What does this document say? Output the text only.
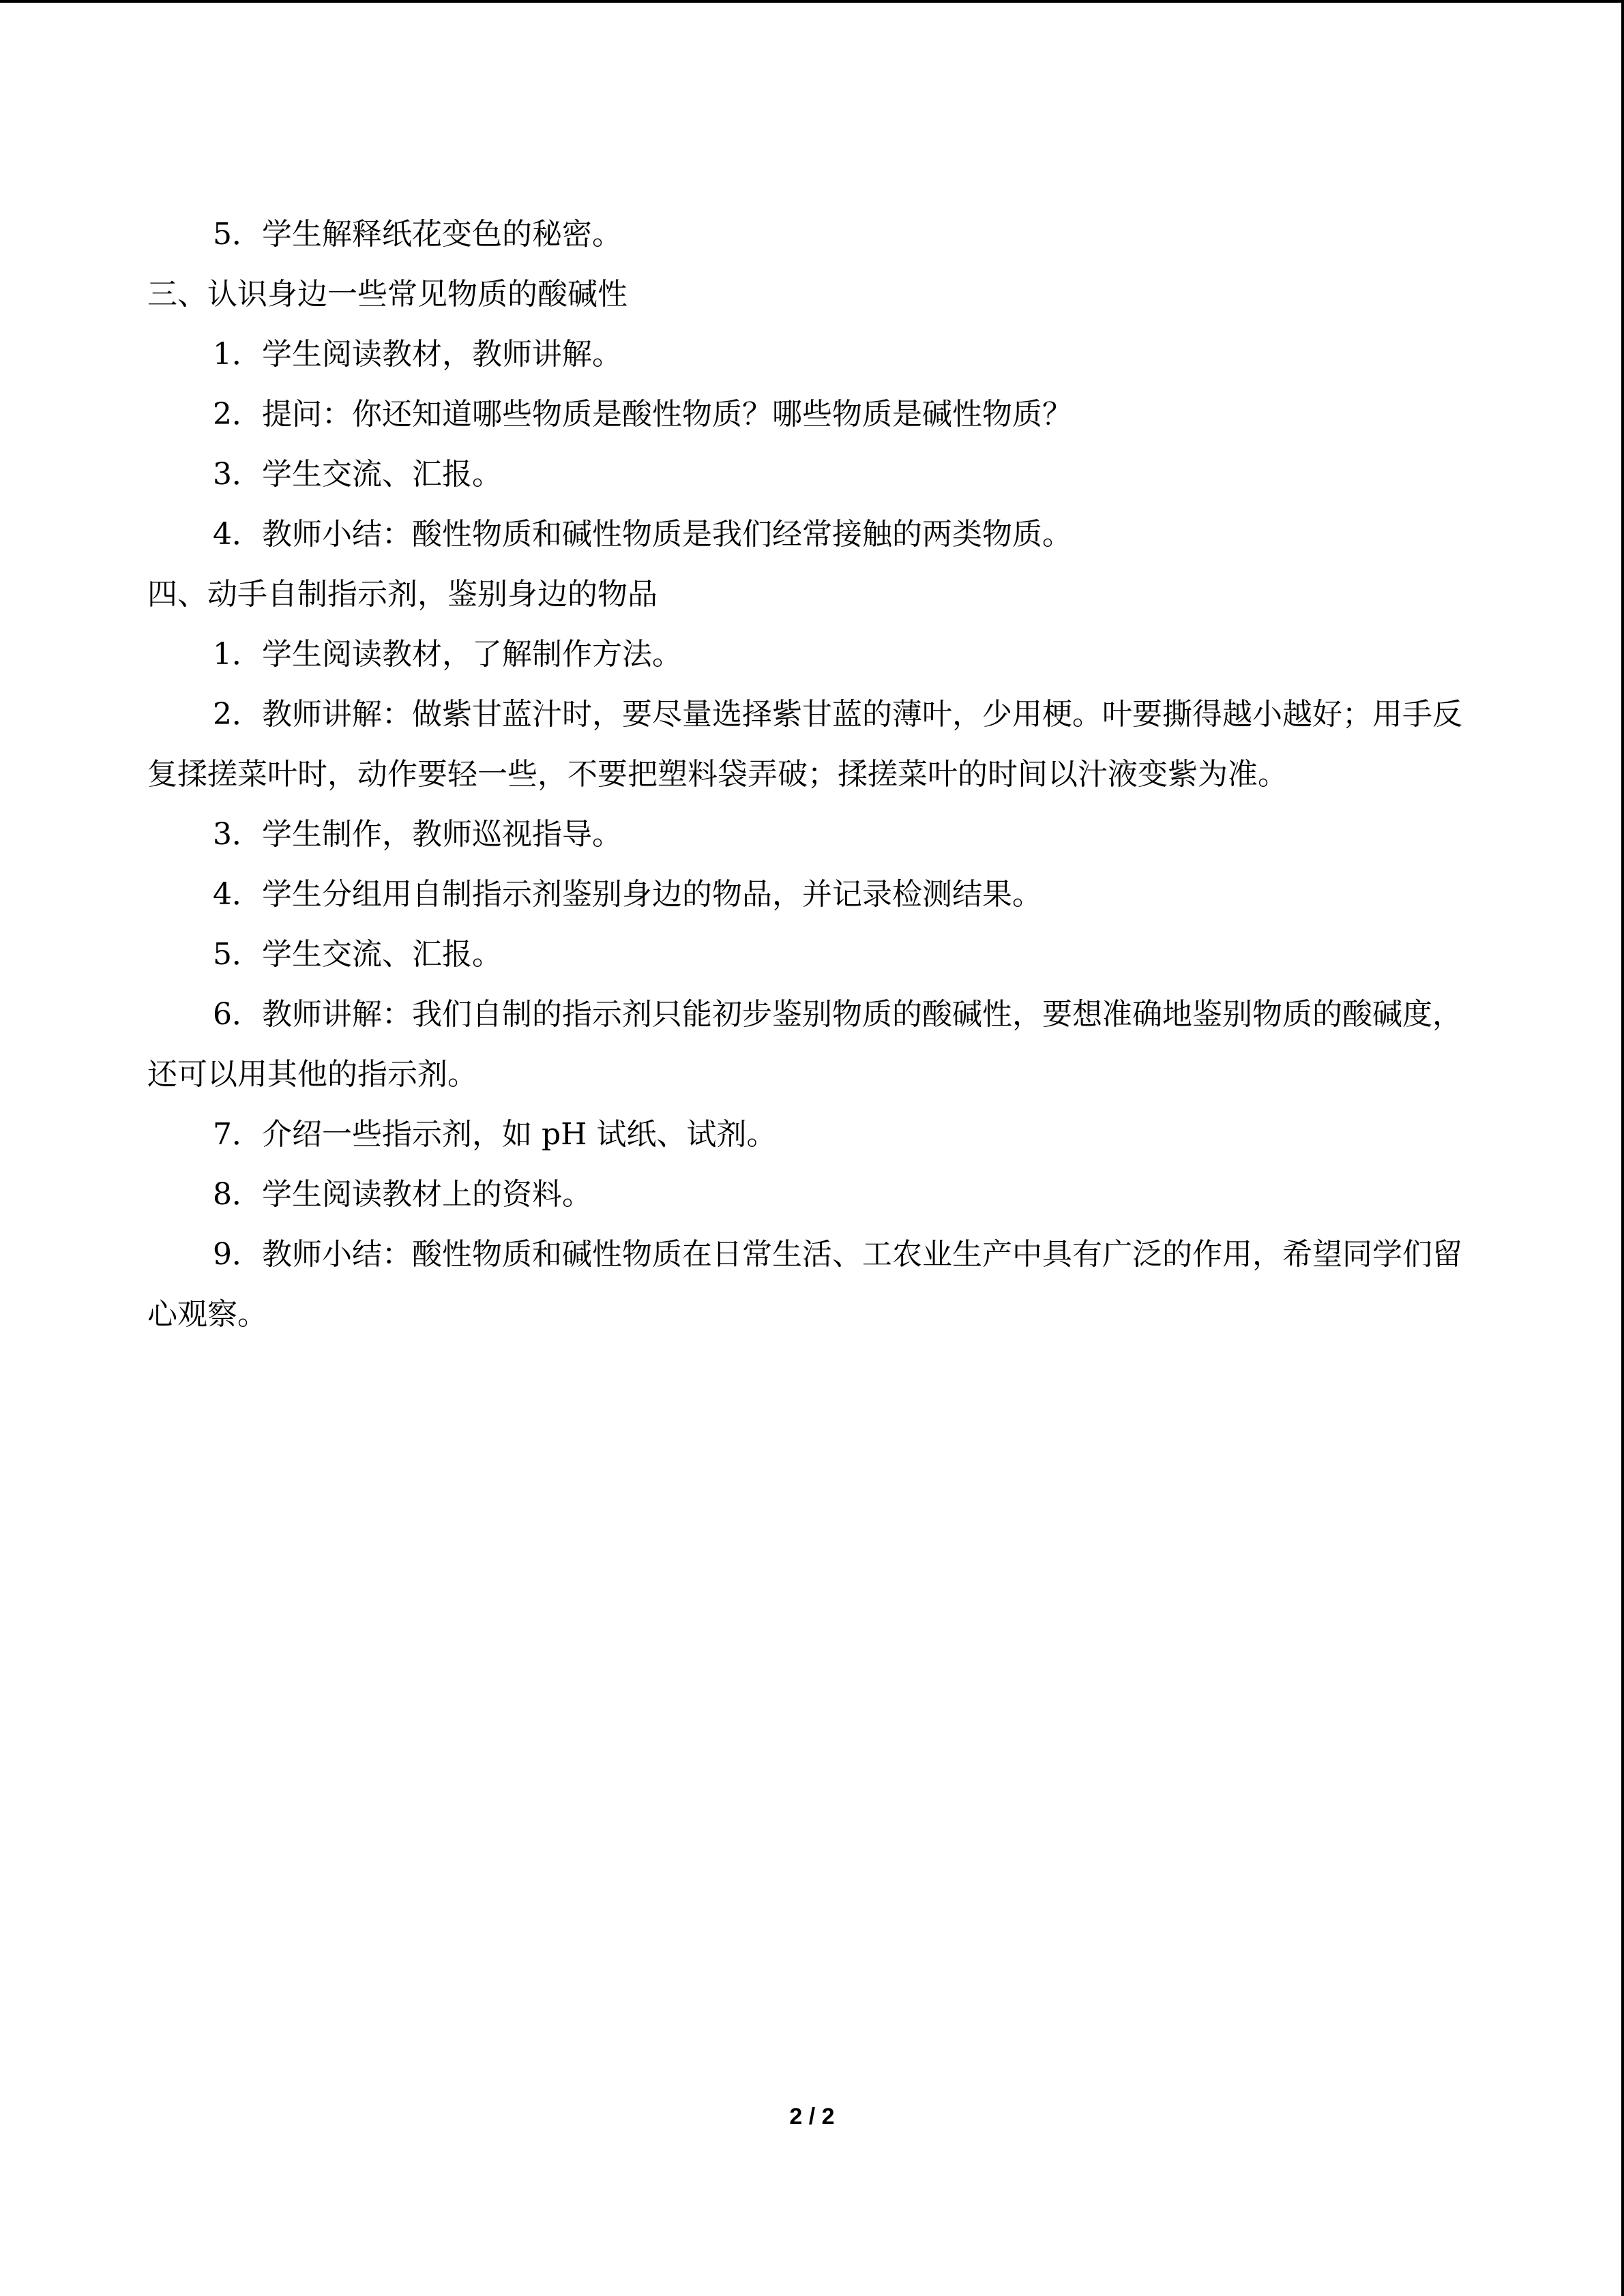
5．学生解释纸花变色的秘密。

三、认识身边一些常见物质的酸碱性

1．学生阅读教材，教师讲解。

2．提问：你还知道哪些物质是酸性物质？哪些物质是碱性物质？

3．学生交流、汇报。

4．教师小结：酸性物质和碱性物质是我们经常接触的两类物质。

四、动手自制指示剂，鉴别身边的物品

1．学生阅读教材，了解制作方法。

2．教师讲解：做紫甘蓝汁时，要尽量选择紫甘蓝的薄叶，少用梗。叶要撕得越小越好；用手反复揉搓菜叶时，动作要轻一些，不要把塑料袋弄破；揉搓菜叶的时间以汁液变紫为准。

3．学生制作，教师巡视指导。

4．学生分组用自制指示剂鉴别身边的物品，并记录检测结果。

5．学生交流、汇报。

6．教师讲解：我们自制的指示剂只能初步鉴别物质的酸碱性，要想准确地鉴别物质的酸碱度，还可以用其他的指示剂。

7．介绍一些指示剂，如 pH 试纸、试剂。

8．学生阅读教材上的资料。

9．教师小结：酸性物质和碱性物质在日常生活、工农业生产中具有广泛的作用，希望同学们留心观察。

2 / 2
